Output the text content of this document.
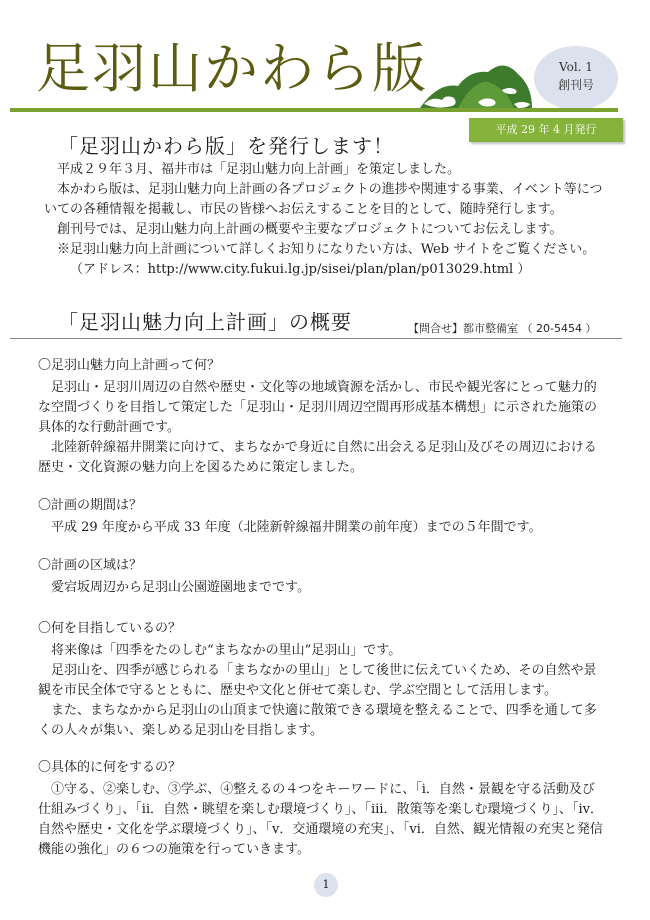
足羽山かわら版	Vol. 1
創刊号
平成 29 年 4 月発行
「足羽山かわら版」を発行します！

平成２９年３月、福井市は「足羽山魅力向上計画」を策定しました。

本かわら版は、足羽山魅力向上計画の各プロジェクトの進捗や関連する事業、イベント等についての各種情報を掲載し、市民の皆様へお伝えすることを目的として、随時発行します。

創刊号では、足羽山魅力向上計画の概要や主要なプロジェクトについてお伝えします。

※足羽山魅力向上計画について詳しくお知りになりたい方は、Web サイトをご覧ください。

（アドレス：http://www.city.fukui.lg.jp/sisei/plan/plan/p013029.html ）

「足羽山魅力向上計画」の概要	【問合せ】都市整備室 （ 20-5454 ）

〇足羽山魅力向上計画って何？

足羽山・足羽川周辺の自然や歴史・文化等の地域資源を活かし、市民や観光客にとって魅力的な空間づくりを目指して策定した「足羽山・足羽川周辺空間再形成基本構想」に示された施策の具体的な行動計画です。

北陸新幹線福井開業に向けて、まちなかで身近に自然に出会える足羽山及びその周辺における歴史・文化資源の魅力向上を図るために策定しました。

〇計画の期間は？

平成 29 年度から平成 33 年度（北陸新幹線福井開業の前年度）までの５年間です。

〇計画の区域は？

愛宕坂周辺から足羽山公園遊園地までです。

〇何を目指しているの？

将来像は「四季をたのしむ“まちなかの里山”足羽山」です。

足羽山を、四季が感じられる「まちなかの里山」として後世に伝えていくため、その自然や景観を市民全体で守るとともに、歴史や文化と併せて楽しむ、学ぶ空間として活用します。

また、まちなかから足羽山の山頂まで快適に散策できる環境を整えることで、四季を通して多くの人々が集い、楽しめる足羽山を目指します。

〇具体的に何をするの？

①守る、②楽しむ、③学ぶ、④整えるの４つをキーワードに、「ⅰ．自然・景観を守る活動及び仕組みづくり」、「ⅱ．自然・眺望を楽しむ環境づくり」、「ⅲ．散策等を楽しむ環境づくり」、「ⅳ．自然や歴史・文化を学ぶ環境づくり」、「ⅴ．交通環境の充実」、「ⅵ．自然、観光情報の充実と発信機能の強化」の６つの施策を行っていきます。

1
